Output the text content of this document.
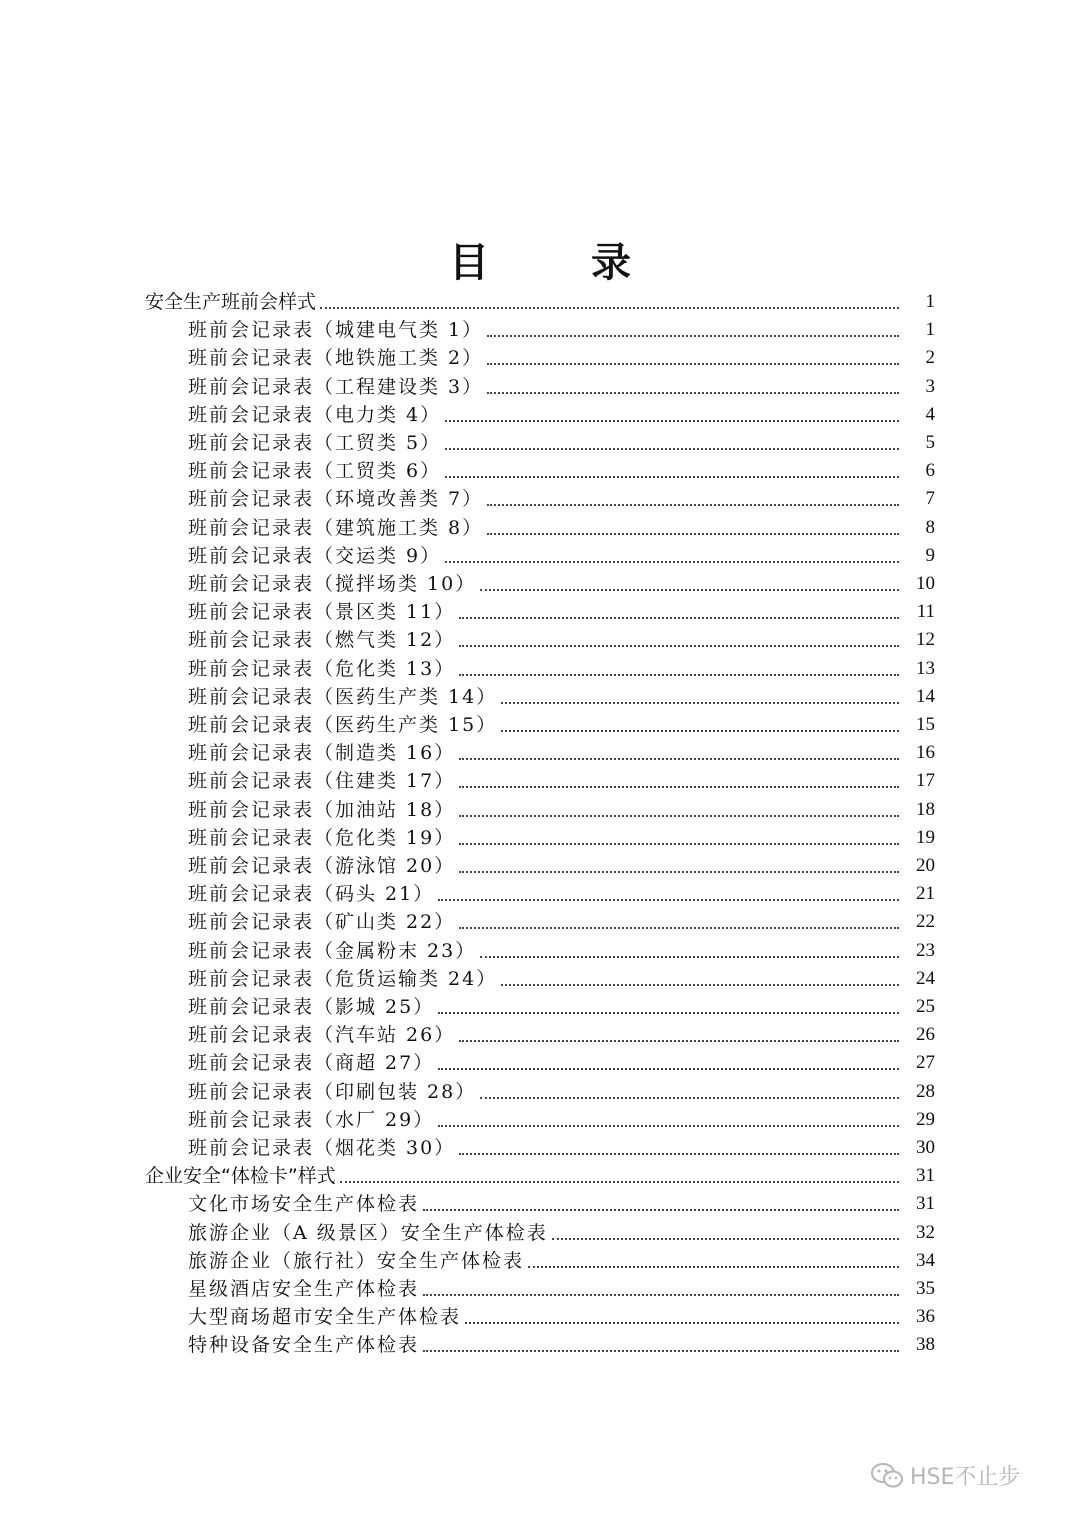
目 录
安全生产班前会样式	1
班前会记录表（城建电气类 1）	1
班前会记录表（地铁施工类 2）	2
班前会记录表（工程建设类 3）	3
班前会记录表（电力类 4）	4
班前会记录表（工贸类 5）	5
班前会记录表（工贸类 6）	6
班前会记录表（环境改善类 7）	7
班前会记录表（建筑施工类 8）	8
班前会记录表（交运类 9）	9
班前会记录表（搅拌场类 10）	10
班前会记录表（景区类 11）	11
班前会记录表（燃气类 12）	12
班前会记录表（危化类 13）	13
班前会记录表（医药生产类 14）	14
班前会记录表（医药生产类 15）	15
班前会记录表（制造类 16）	16
班前会记录表（住建类 17）	17
班前会记录表（加油站 18）	18
班前会记录表（危化类 19）	19
班前会记录表（游泳馆 20）	20
班前会记录表（码头 21）	21
班前会记录表（矿山类 22）	22
班前会记录表（金属粉末 23）	23
班前会记录表（危货运输类 24）	24
班前会记录表（影城 25）	25
班前会记录表（汽车站 26）	26
班前会记录表（商超 27）	27
班前会记录表（印刷包装 28）	28
班前会记录表（水厂 29）	29
班前会记录表（烟花类 30）	30
企业安全“体检卡”样式	31
文化市场安全生产体检表	31
旅游企业（A 级景区）安全生产体检表	32
旅游企业（旅行社）安全生产体检表	34
星级酒店安全生产体检表	35
大型商场超市安全生产体检表	36
特种设备安全生产体检表	38
HSE不止步
